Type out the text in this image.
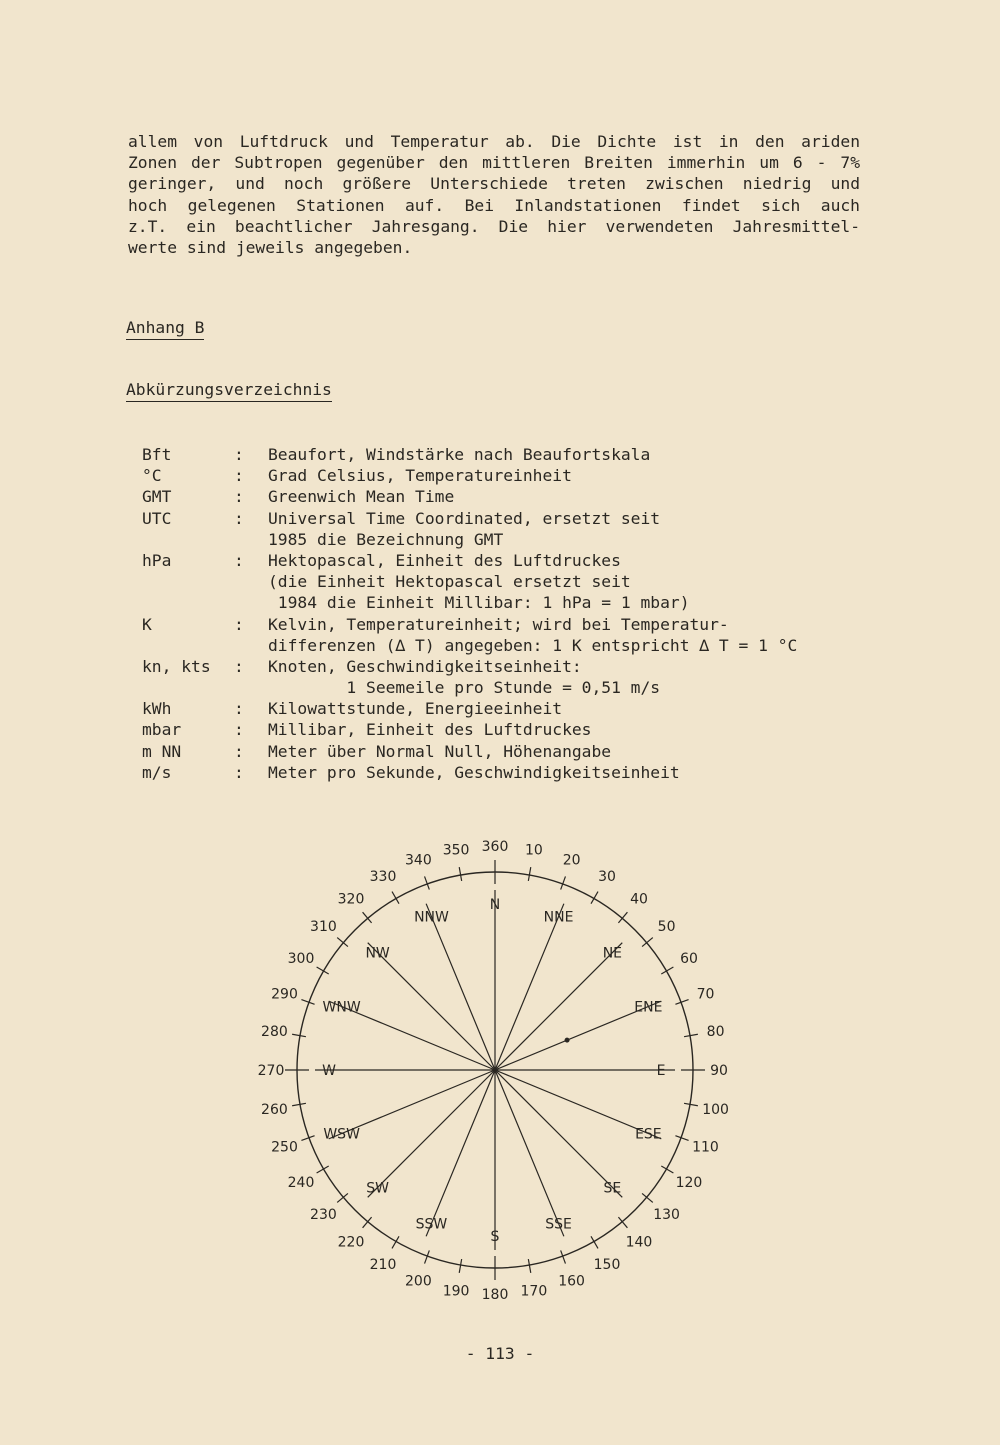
allem von Luftdruck und Temperatur ab. Die Dichte ist in den ariden
Zonen der Subtropen gegenüber den mittleren Breiten immerhin um 6 - 7%
geringer, und noch größere Unterschiede treten zwischen niedrig und
hoch gelegenen Stationen auf. Bei Inlandstationen findet sich auch
z.T. ein beachtlicher Jahresgang. Die hier verwendeten Jahresmittel-
werte sind jeweils angegeben.
Anhang B
Abkürzungsverzeichnis
Bft	:	Beaufort, Windstärke nach Beaufortskala
°C	:	Grad Celsius, Temperatureinheit
GMT	:	Greenwich Mean Time
UTC	:	Universal Time Coordinated, ersetzt seit
		1985 die Bezeichnung GMT
hPa	:	Hektopascal, Einheit des Luftdruckes
		(die Einheit Hektopascal ersetzt seit
		1984 die Einheit Millibar: 1 hPa = 1 mbar)
K	:	Kelvin, Temperatureinheit; wird bei Temperatur-
		differenzen (∆ T) angegeben: 1 K entspricht ∆ T = 1 °C
kn, kts	:	Knoten, Geschwindigkeitseinheit:
		1 Seemeile pro Stunde = 0,51 m/s
kWh	:	Kilowattstunde, Energieeinheit
mbar	:	Millibar, Einheit des Luftdruckes
m NN	:	Meter über Normal Null, Höhenangabe
m/s	:	Meter pro Sekunde, Geschwindigkeitseinheit
360 10
20
30
40
50
60
70
80
90
100
110
120
130
140
150
160
170
180
190
200
210
220
230
240
250
260
270
280
290
300
310
320
330
340
350
N
NNE
NE
ENE
E
ESE
SE
SSE
S
SSW
SW
WSW
W
WNW
NW
NNW
- 113 -
